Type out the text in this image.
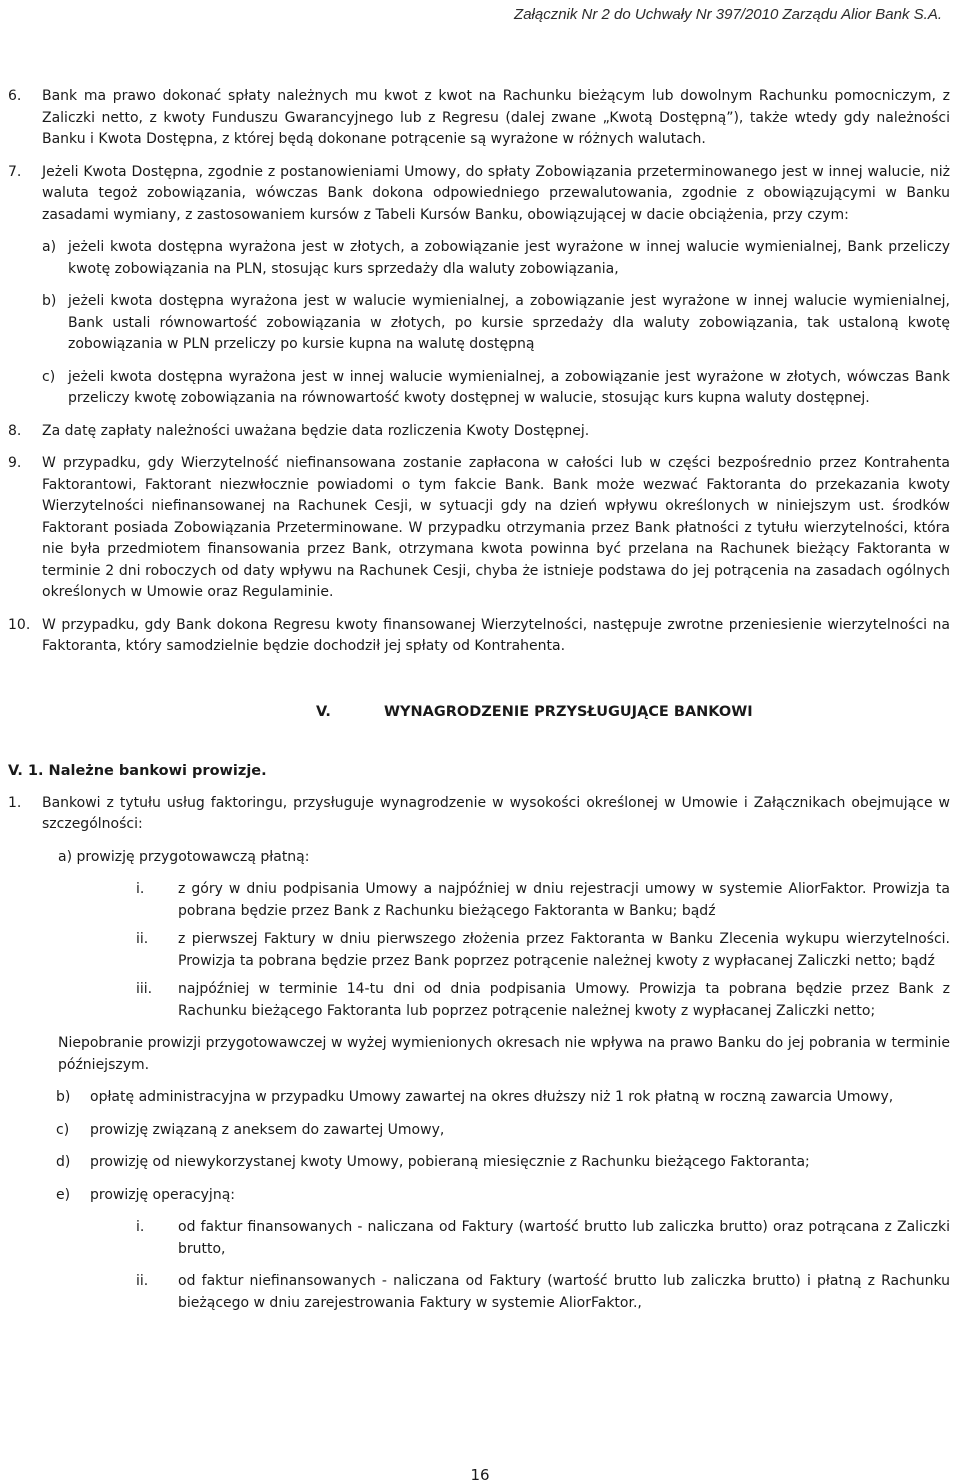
Załącznik Nr 2 do Uchwały Nr 397/2010 Zarządu Alior Bank S.A.
6. Bank ma prawo dokonać spłaty należnych mu kwot z kwot na Rachunku bieżącym lub dowolnym Rachunku pomocniczym, z Zaliczki netto, z kwoty Funduszu Gwarancyjnego lub z Regresu (dalej zwane „Kwotą Dostępną”), także wtedy gdy należności Banku i Kwota Dostępna, z której będą dokonane potrącenie są wyrażone w różnych walutach.
7. Jeżeli Kwota Dostępna, zgodnie z postanowieniami Umowy, do spłaty Zobowiązania przeterminowanego jest w innej walucie, niż waluta tegoż zobowiązania, wówczas Bank dokona odpowiedniego przewalutowania, zgodnie z obowiązującymi w Banku zasadami wymiany, z zastosowaniem kursów z Tabeli Kursów Banku, obowiązującej w dacie obciążenia, przy czym:
a) jeżeli kwota dostępna wyrażona jest w złotych, a zobowiązanie jest wyrażone w innej walucie wymienialnej, Bank przeliczy kwotę zobowiązania na PLN, stosując kurs sprzedaży dla waluty zobowiązania,
b) jeżeli kwota dostępna wyrażona jest w walucie wymienialnej, a zobowiązanie jest wyrażone w innej walucie wymienialnej, Bank ustali równowartość zobowiązania w złotych, po kursie sprzedaży dla waluty zobowiązania, tak ustaloną kwotę zobowiązania w PLN przeliczy po kursie kupna na walutę dostępną
c) jeżeli kwota dostępna wyrażona jest w innej walucie wymienialnej, a zobowiązanie jest wyrażone w złotych, wówczas Bank przeliczy kwotę zobowiązania na równowartość kwoty dostępnej w walucie, stosując kurs kupna waluty dostępnej.
8. Za datę zapłaty należności uważana będzie data rozliczenia Kwoty Dostępnej.
9. W przypadku, gdy Wierzytelność niefinansowana zostanie zapłacona w całości lub w części bezpośrednio przez Kontrahenta Faktorantowi, Faktorant niezwłocznie powiadomi o tym fakcie Bank. Bank może wezwać Faktoranta do przekazania kwoty Wierzytelności niefinansowanej na Rachunek Cesji, w sytuacji gdy na dzień wpływu określonych w niniejszym ust. środków Faktorant posiada Zobowiązania Przeterminowane. W przypadku otrzymania przez Bank płatności z tytułu wierzytelności, która nie była przedmiotem finansowania przez Bank, otrzymana kwota powinna być przelana na Rachunek bieżący Faktoranta w terminie 2 dni roboczych od daty wpływu na Rachunek Cesji, chyba że istnieje podstawa do jej potrącenia na zasadach ogólnych określonych w Umowie oraz Regulaminie.
10. W przypadku, gdy Bank dokona Regresu kwoty finansowanej Wierzytelności, następuje zwrotne przeniesienie wierzytelności na Faktoranta, który samodzielnie będzie dochodził jej spłaty od Kontrahenta.
V.	WYNAGRODZENIE PRZYSŁUGUJĄCE BANKOWI
V. 1. Należne bankowi prowizje.
1. Bankowi z tytułu usług faktoringu, przysługuje wynagrodzenie w wysokości określonej w Umowie i Załącznikach obejmujące w szczególności:
a) prowizję przygotowawczą płatną:
i. z góry w dniu podpisania Umowy a najpóźniej w dniu rejestracji umowy w systemie AliorFaktor. Prowizja ta pobrana będzie przez Bank z Rachunku bieżącego Faktoranta w Banku; bądź
ii. z pierwszej Faktury w dniu pierwszego złożenia przez Faktoranta w Banku Zlecenia wykupu wierzytelności. Prowizja ta pobrana będzie przez Bank poprzez potrącenie należnej kwoty z wypłacanej Zaliczki netto; bądź
iii. najpóźniej w terminie 14-tu dni od dnia podpisania Umowy. Prowizja ta pobrana będzie przez Bank z Rachunku bieżącego Faktoranta lub poprzez potrącenie należnej kwoty z wypłacanej Zaliczki netto;
Niepobranie prowizji przygotowawczej w wyżej wymienionych okresach nie wpływa na prawo Banku do jej pobrania w terminie późniejszym.
b) opłatę administracyjna w przypadku Umowy zawartej na okres dłuższy niż 1 rok płatną w roczną zawarcia Umowy,
c) prowizję związaną z aneksem do zawartej Umowy,
d) prowizję od niewykorzystanej kwoty Umowy, pobieraną miesięcznie z Rachunku bieżącego Faktoranta;
e) prowizję operacyjną:
i. od faktur finansowanych - naliczana od Faktury (wartość brutto lub zaliczka brutto) oraz potrącana z Zaliczki brutto,
ii. od faktur niefinansowanych - naliczana od Faktury (wartość brutto lub zaliczka brutto) i płatną z Rachunku bieżącego w dniu zarejestrowania Faktury w systemie AliorFaktor.,
16
